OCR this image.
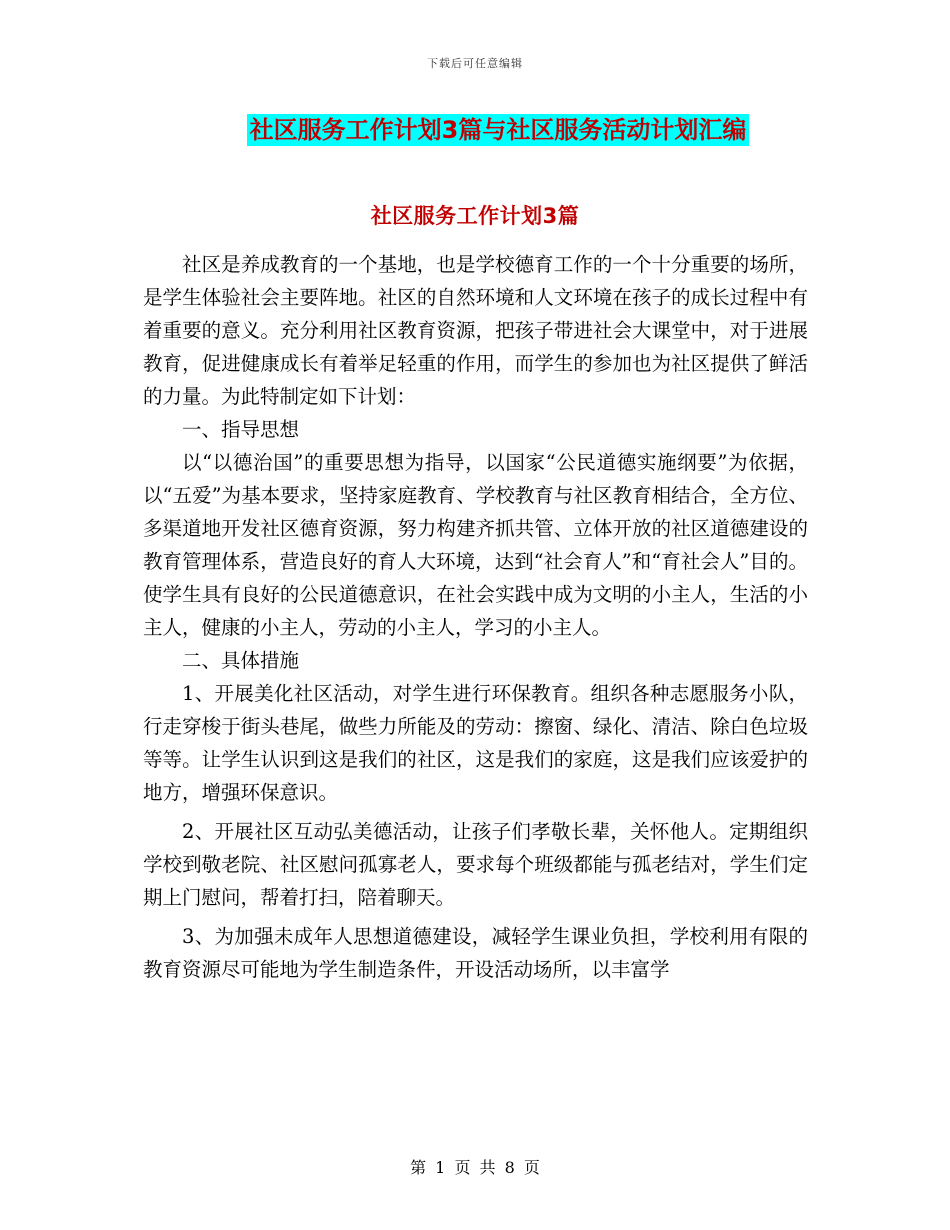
下载后可任意编辑
社区服务工作计划3篇与社区服务活动计划汇编
社区服务工作计划3篇

社区是养成教育的一个基地，也是学校德育工作的一个十分重要的场所，是学生体验社会主要阵地。社区的自然环境和人文环境在孩子的成长过程中有着重要的意义。充分利用社区教育资源，把孩子带进社会大课堂中，对于进展教育，促进健康成长有着举足轻重的作用，而学生的参加也为社区提供了鲜活的力量。为此特制定如下计划：

一、指导思想

以“以德治国”的重要思想为指导，以国家“公民道德实施纲要”为依据，以“五爱”为基本要求，坚持家庭教育、学校教育与社区教育相结合，全方位、多渠道地开发社区德育资源，努力构建齐抓共管、立体开放的社区道德建设的教育管理体系，营造良好的育人大环境，达到“社会育人”和“育社会人”目的。使学生具有良好的公民道德意识，在社会实践中成为文明的小主人，生活的小主人，健康的小主人，劳动的小主人，学习的小主人。

二、具体措施

1、开展美化社区活动，对学生进行环保教育。组织各种志愿服务小队，行走穿梭于街头巷尾，做些力所能及的劳动：擦窗、绿化、清洁、除白色垃圾等等。让学生认识到这是我们的社区，这是我们的家庭，这是我们应该爱护的地方，增强环保意识。

2、开展社区互动弘美德活动，让孩子们孝敬长辈，关怀他人。定期组织学校到敬老院、社区慰问孤寡老人，要求每个班级都能与孤老结对，学生们定期上门慰问，帮着打扫，陪着聊天。

3、为加强未成年人思想道德建设，减轻学生课业负担，学校利用有限的教育资源尽可能地为学生制造条件，开设活动场所，以丰富学

第 1 页 共 8 页
